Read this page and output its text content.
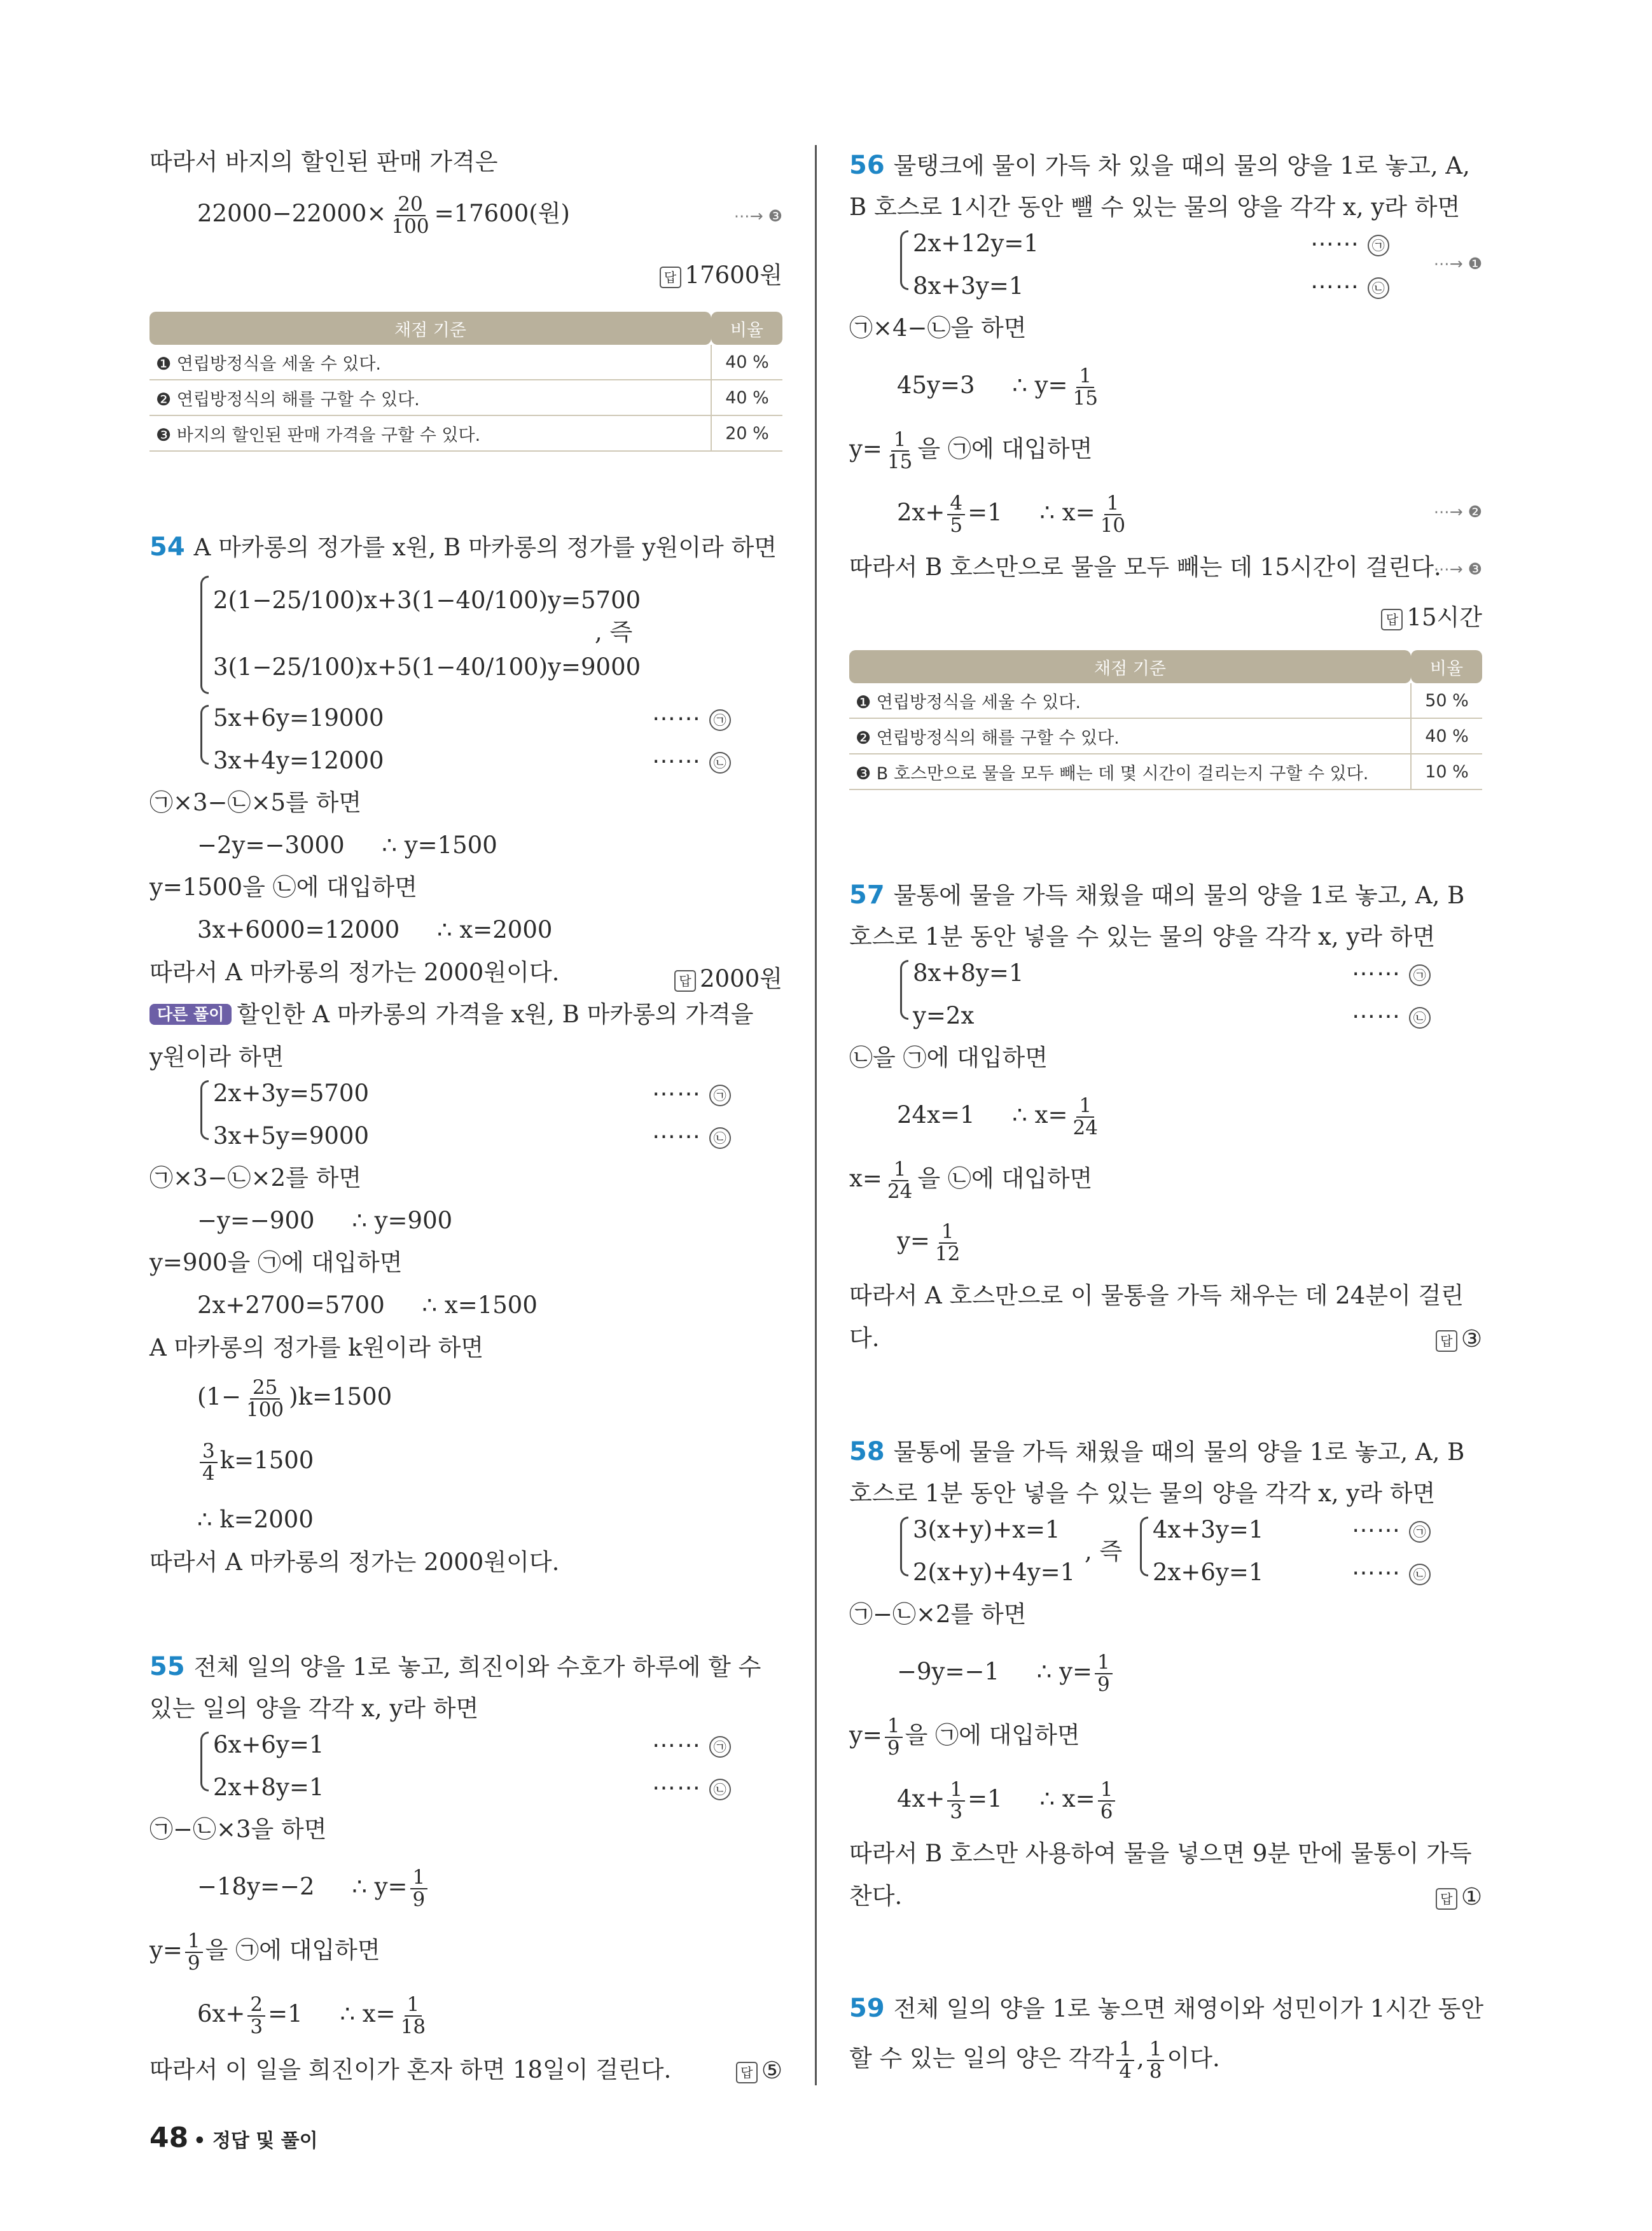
따라서 바지의 할인된 판매 가격은
$22000-22000\times \frac{20}{100} =17600$(원)	⋯→ ❸
답 17600원
채점 기준	비율
❶ 연립방정식을 세울 수 있다.	40 %
❷ 연립방정식의 해를 구할 수 있다.	40 %
❸ 바지의 할인된 판매 가격을 구할 수 있다.	20 %
54 A 마카롱의 정가를 x원, B 마카롱의 정가를 y원이라 하면
2(1−25/100)x+3(1−40/100)y=5700
3(1−25/100)x+5(1−40/100)y=9000
, 즉
5x+6y=19000	⋯⋯ ㉠
3x+4y=12000	⋯⋯ ㉡
㉠×3−㉡×5를 하면
−2y=−3000     ∴ y=1500
y=1500을 ㉡에 대입하면
3x+6000=12000     ∴ x=2000
따라서 A 마카롱의 정가는 2000원이다.	답 2000원
다른 풀이 할인한 A 마카롱의 가격을 x원, B 마카롱의 가격을
y원이라 하면
2x+3y=5700	⋯⋯ ㉠
3x+5y=9000	⋯⋯ ㉡
㉠×3−㉡×2를 하면
−y=−900     ∴ y=900
y=900을 ㉠에 대입하면
2x+2700=5700     ∴ x=1500
A 마카롱의 정가를 k원이라 하면
$(1- \frac{25}{100} )k=1500$
$\frac{3}{4} k=1500$
∴ k=2000
따라서 A 마카롱의 정가는 2000원이다.
55 전체 일의 양을 1로 놓고, 희진이와 수호가 하루에 할 수
있는 일의 양을 각각 x, y라 하면
6x+6y=1	⋯⋯ ㉠
2x+8y=1	⋯⋯ ㉡
㉠−㉡×3을 하면
−18y=−2     ∴ $y= \frac{1}{9}$
$y= \frac{1}{9}$ 을 ㉠에 대입하면
$6x+ \frac{2}{3} =1$     ∴ $x= \frac{1}{18}$
따라서 이 일을 희진이가 혼자 하면 18일이 걸린다.	답 ⑤
56 물탱크에 물이 가득 차 있을 때의 물의 양을 1로 놓고, A,
B 호스로 1시간 동안 뺄 수 있는 물의 양을 각각 x, y라 하면
2x+12y=1	⋯⋯ ㉠
⋯→ ❶
8x+3y=1	⋯⋯ ㉡
㉠×4−㉡을 하면
45y=3     ∴ $y= \frac{1}{15}$
$y= \frac{1}{15}$ 을 ㉠에 대입하면
$2x+ \frac{4}{5} =1$     ∴ $x= \frac{1}{10}$	⋯→ ❷
따라서 B 호스만으로 물을 모두 빼는 데 15시간이 걸린다.
⋯→ ❸
답 15시간
채점 기준	비율
❶ 연립방정식을 세울 수 있다.	50 %
❷ 연립방정식의 해를 구할 수 있다.	40 %
❸ B 호스만으로 물을 모두 빼는 데 몇 시간이 걸리는지 구할 수 있다.	10 %
57 물통에 물을 가득 채웠을 때의 물의 양을 1로 놓고, A, B
호스로 1분 동안 넣을 수 있는 물의 양을 각각 x, y라 하면
8x+8y=1	⋯⋯ ㉠
y=2x	⋯⋯ ㉡
㉡을 ㉠에 대입하면
24x=1     ∴ $x= \frac{1}{24}$
$x= \frac{1}{24}$ 을 ㉡에 대입하면
$y= \frac{1}{12}$
따라서 A 호스만으로 이 물통을 가득 채우는 데 24분이 걸린
다.	답 ③
58 물통에 물을 가득 채웠을 때의 물의 양을 1로 놓고, A, B
호스로 1분 동안 넣을 수 있는 물의 양을 각각 x, y라 하면
3(x+y)+x=1
2(x+y)+4y=1
, 즉
4x+3y=1	⋯⋯ ㉠
2x+6y=1	⋯⋯ ㉡
㉠−㉡×2를 하면
−9y=−1     ∴ $y= \frac{1}{9}$
$y= \frac{1}{9}$ 을 ㉠에 대입하면
$4x+ \frac{1}{3} =1$     ∴ $x= \frac{1}{6}$
따라서 B 호스만 사용하여 물을 넣으면 9분 만에 물통이 가득
찬다.	답 ①
59 전체 일의 양을 1로 놓으면 채영이와 성민이가 1시간 동안
할 수 있는 일의 양은 각각 $\frac{1}{4}$ , $\frac{1}{8}$ 이다.
48 • 정답 및 풀이
